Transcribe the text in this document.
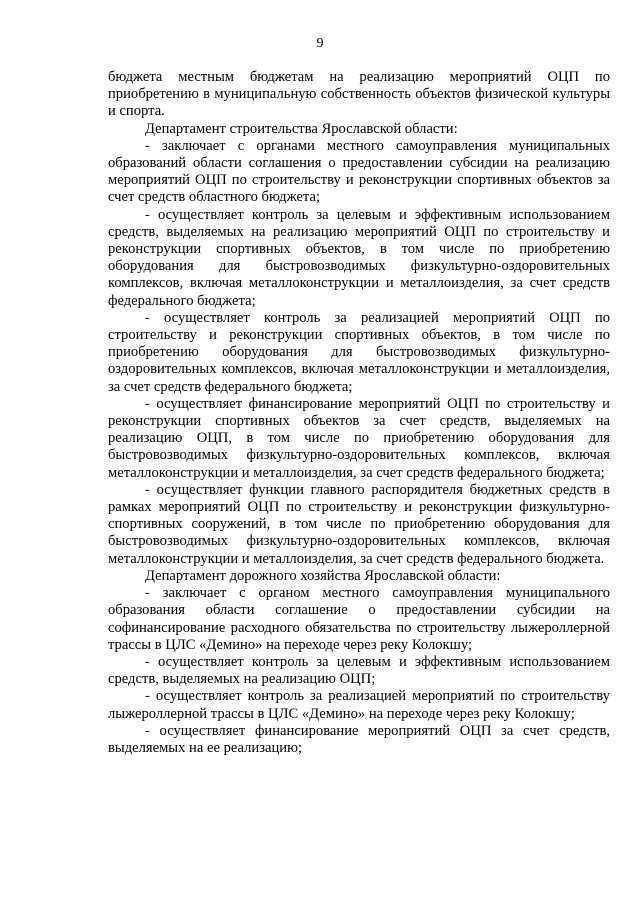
9

бюджета местным бюджетам на реализацию мероприятий ОЦП по приобретению в муниципальную собственность объектов физической культуры и спорта.

Департамент строительства Ярославской области:

- заключает с органами местного самоуправления муниципальных образований области соглашения о предоставлении субсидии на реализацию мероприятий ОЦП по строительству и реконструкции спортивных объектов за счет средств областного бюджета;

- осуществляет контроль за целевым и эффективным использованием средств, выделяемых на реализацию мероприятий ОЦП по строительству и реконструкции спортивных объектов, в том числе по приобретению оборудования для быстровозводимых физкультурно-оздоровительных комплексов, включая металлоконструкции и металлоизделия, за счет средств федерального бюджета;

- осуществляет контроль за реализацией мероприятий ОЦП по строительству и реконструкции спортивных объектов, в том числе по приобретению оборудования для быстровозводимых физкультурно-оздоровительных комплексов, включая металлоконструкции и металлоизделия, за счет средств федерального бюджета;

- осуществляет финансирование мероприятий ОЦП по строительству и реконструкции спортивных объектов за счет средств, выделяемых на реализацию ОЦП, в том числе по приобретению оборудования для быстровозводимых физкультурно-оздоровительных комплексов, включая металлоконструкции и металлоизделия, за счет средств федерального бюджета;

- осуществляет функции главного распорядителя бюджетных средств в рамках мероприятий ОЦП по строительству и реконструкции физкультурно-спортивных сооружений, в том числе по приобретению оборудования для быстровозводимых физкультурно-оздоровительных комплексов, включая металлоконструкции и металлоизделия, за счет средств федерального бюджета.

Департамент дорожного хозяйства Ярославской области:

- заключает с органом местного самоуправления муниципального образования области соглашение о предоставлении субсидии на софинансирование расходного обязательства по строительству лыжероллерной трассы в ЦЛС «Демино» на переходе через реку Колокшу;

- осуществляет контроль за целевым и эффективным использованием средств, выделяемых на реализацию ОЦП;

- осуществляет контроль за реализацией мероприятий по строительству лыжероллерной трассы в ЦЛС «Демино» на переходе через реку Колокшу;

- осуществляет финансирование мероприятий ОЦП за счет средств, выделяемых на ее реализацию;
